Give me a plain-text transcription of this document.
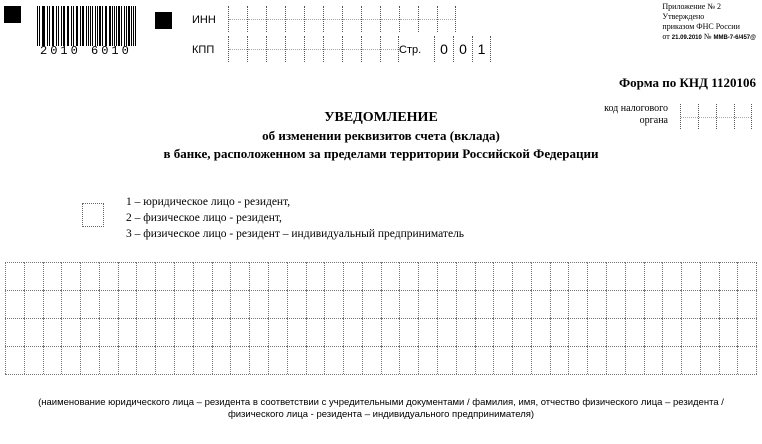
2010 6010
ИНН
КПП	Стр.	0 0 1
Приложение № 2
Утверждено
приказом ФНС России
от 21.09.2010 № ММВ-7-6/457@
Форма по КНД 1120106
код налогового
органа
УВЕДОМЛЕНИЕ
об изменении реквизитов счета (вклада)
в банке, расположенном за пределами территории Российской Федерации
1 – юридическое лицо - резидент,
2 – физическое лицо - резидент,
3 – физическое лицо - резидент – индивидуальный предприниматель
(наименование юридического лица – резидента в соответствии с учредительными документами / фамилия, имя, отчество физического лица – резидента /
физического лица - резидента – индивидуального предпринимателя)
